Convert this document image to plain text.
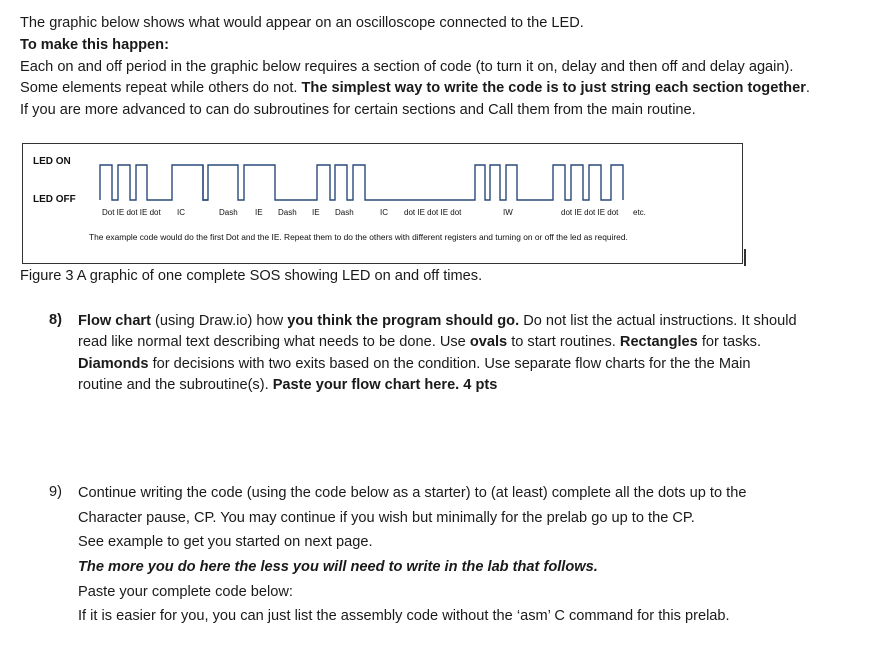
The graphic below shows what would appear on an oscilloscope connected to the LED.
To make this happen:
Each on and off period in the graphic below requires a section of code (to turn it on, delay and then off and delay again).
Some elements repeat while others do not. The simplest way to write the code is to just string each section together.
If you are more advanced to can do subroutines for certain sections and Call them from the main routine.
LED ON
LED OFF
Dot IE dot IE dot IC	Dash IE Dash IE Dash	IC dot IE dot IE dot	IW	dot IE dot IE dot etc.
The example code would do the first Dot and the IE. Repeat them to do the others with different registers and turning on or off the led as required.
Figure 3 A graphic of one complete SOS showing LED on and off times.
8) Flow chart (using Draw.io) how you think the program should go. Do not list the actual instructions. It should
read like normal text describing what needs to be done. Use ovals to start routines. Rectangles for tasks.
Diamonds for decisions with two exits based on the condition. Use separate flow charts for the the Main
routine and the subroutine(s). Paste your flow chart here. 4 pts
9) Continue writing the code (using the code below as a starter) to (at least) complete all the dots up to the
Character pause, CP. You may continue if you wish but minimally for the prelab go up to the CP.
See example to get you started on next page.
The more you do here the less you will need to write in the lab that follows.
Paste your complete code below:
If it is easier for you, you can just list the assembly code without the ‘asm’ C command for this prelab.
